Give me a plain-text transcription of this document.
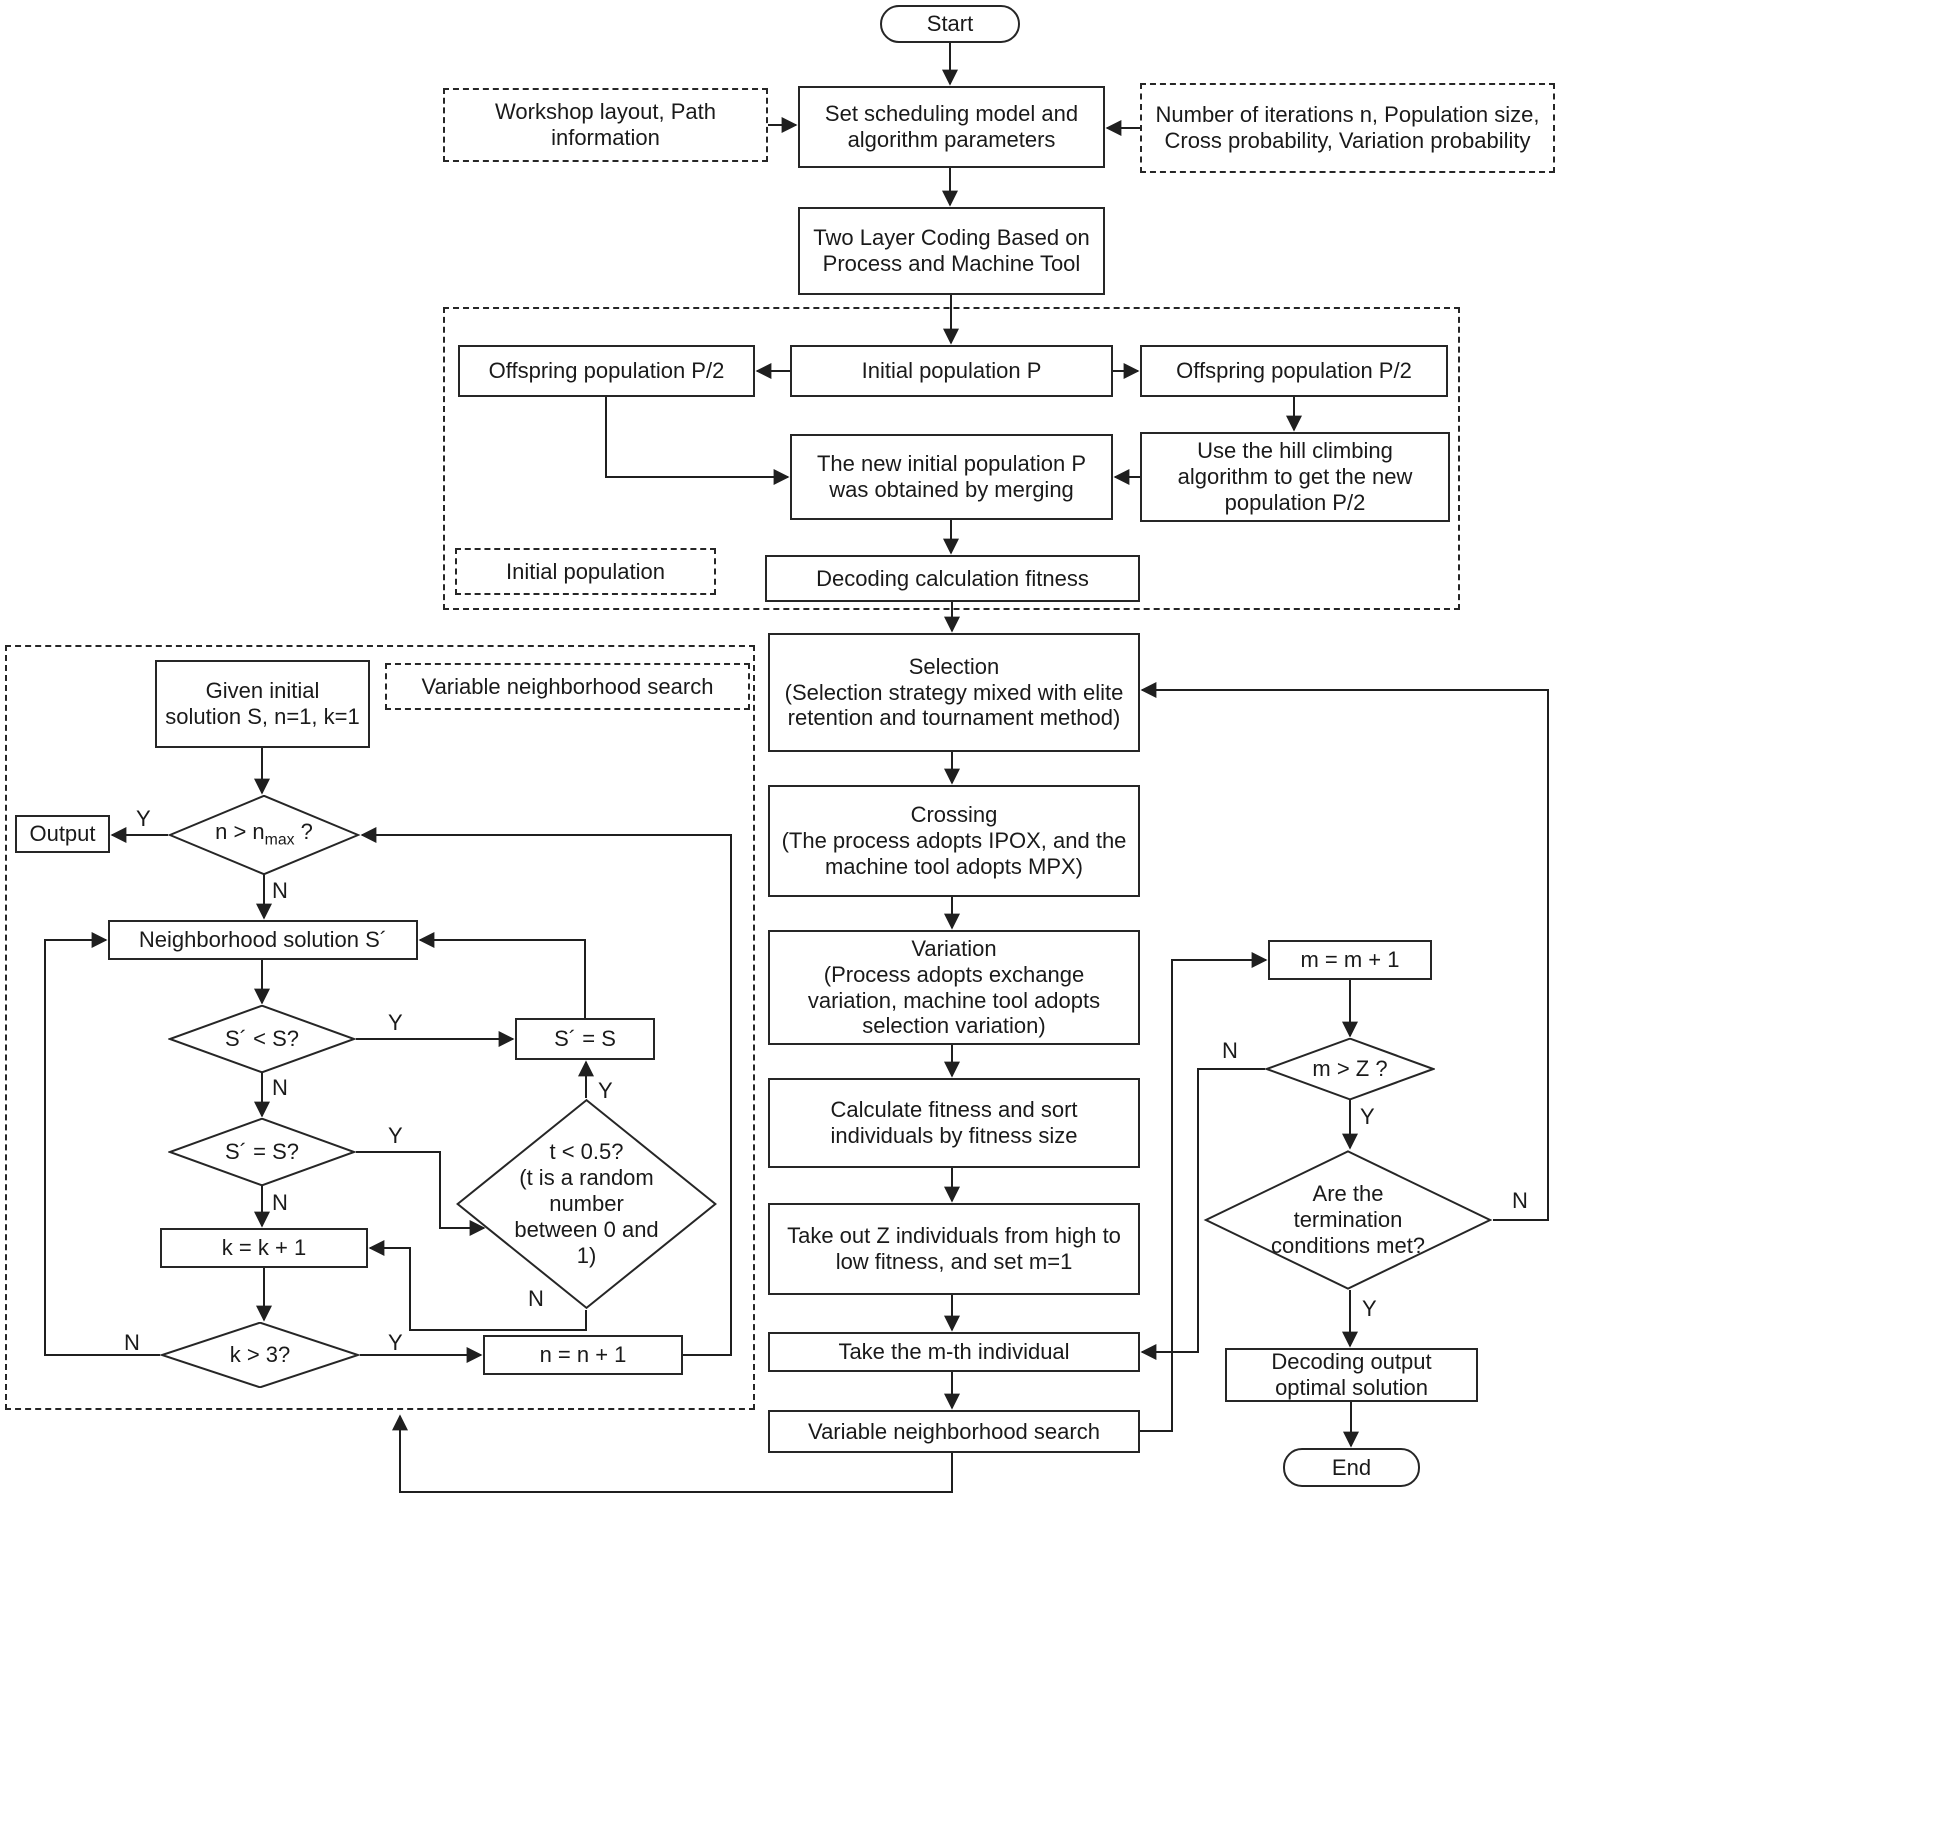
Start
Workshop layout, Path information
Set scheduling model and algorithm parameters
Number of iterations n, Population size, Cross probability, Variation probability
Two Layer Coding Based on Process and Machine Tool
Offspring population P/2	Initial population P	Offspring population P/2
Use the hill climbing algorithm to get the new population P/2
The new initial population P was obtained by merging
Initial population	Decoding calculation fitness
Selection
(Selection strategy mixed with elite retention and tournament method)
Crossing
(The process adopts IPOX, and the machine tool adopts MPX)
Variation
(Process adopts exchange variation, machine tool adopts selection variation)
Calculate fitness and sort individuals by fitness size
Take out Z individuals from high to low fitness, and set m=1
Take the m-th individual
Variable neighborhood search
m = m + 1
m > Z ?
Are the termination conditions met?
Decoding output optimal solution
End
Given initial solution S, n=1, k=1
Variable neighborhood search
$n > n_{max}$ ?
Output
Neighborhood solution S´
S´ < S?	S´ = S
S´ = S?	t < 0.5?
(t is a random number between 0 and 1)
k = k + 1
k > 3?	n = n + 1
Y
N
Y
N
Y
N
Y
N
N	Y
N
Y
N
Y
